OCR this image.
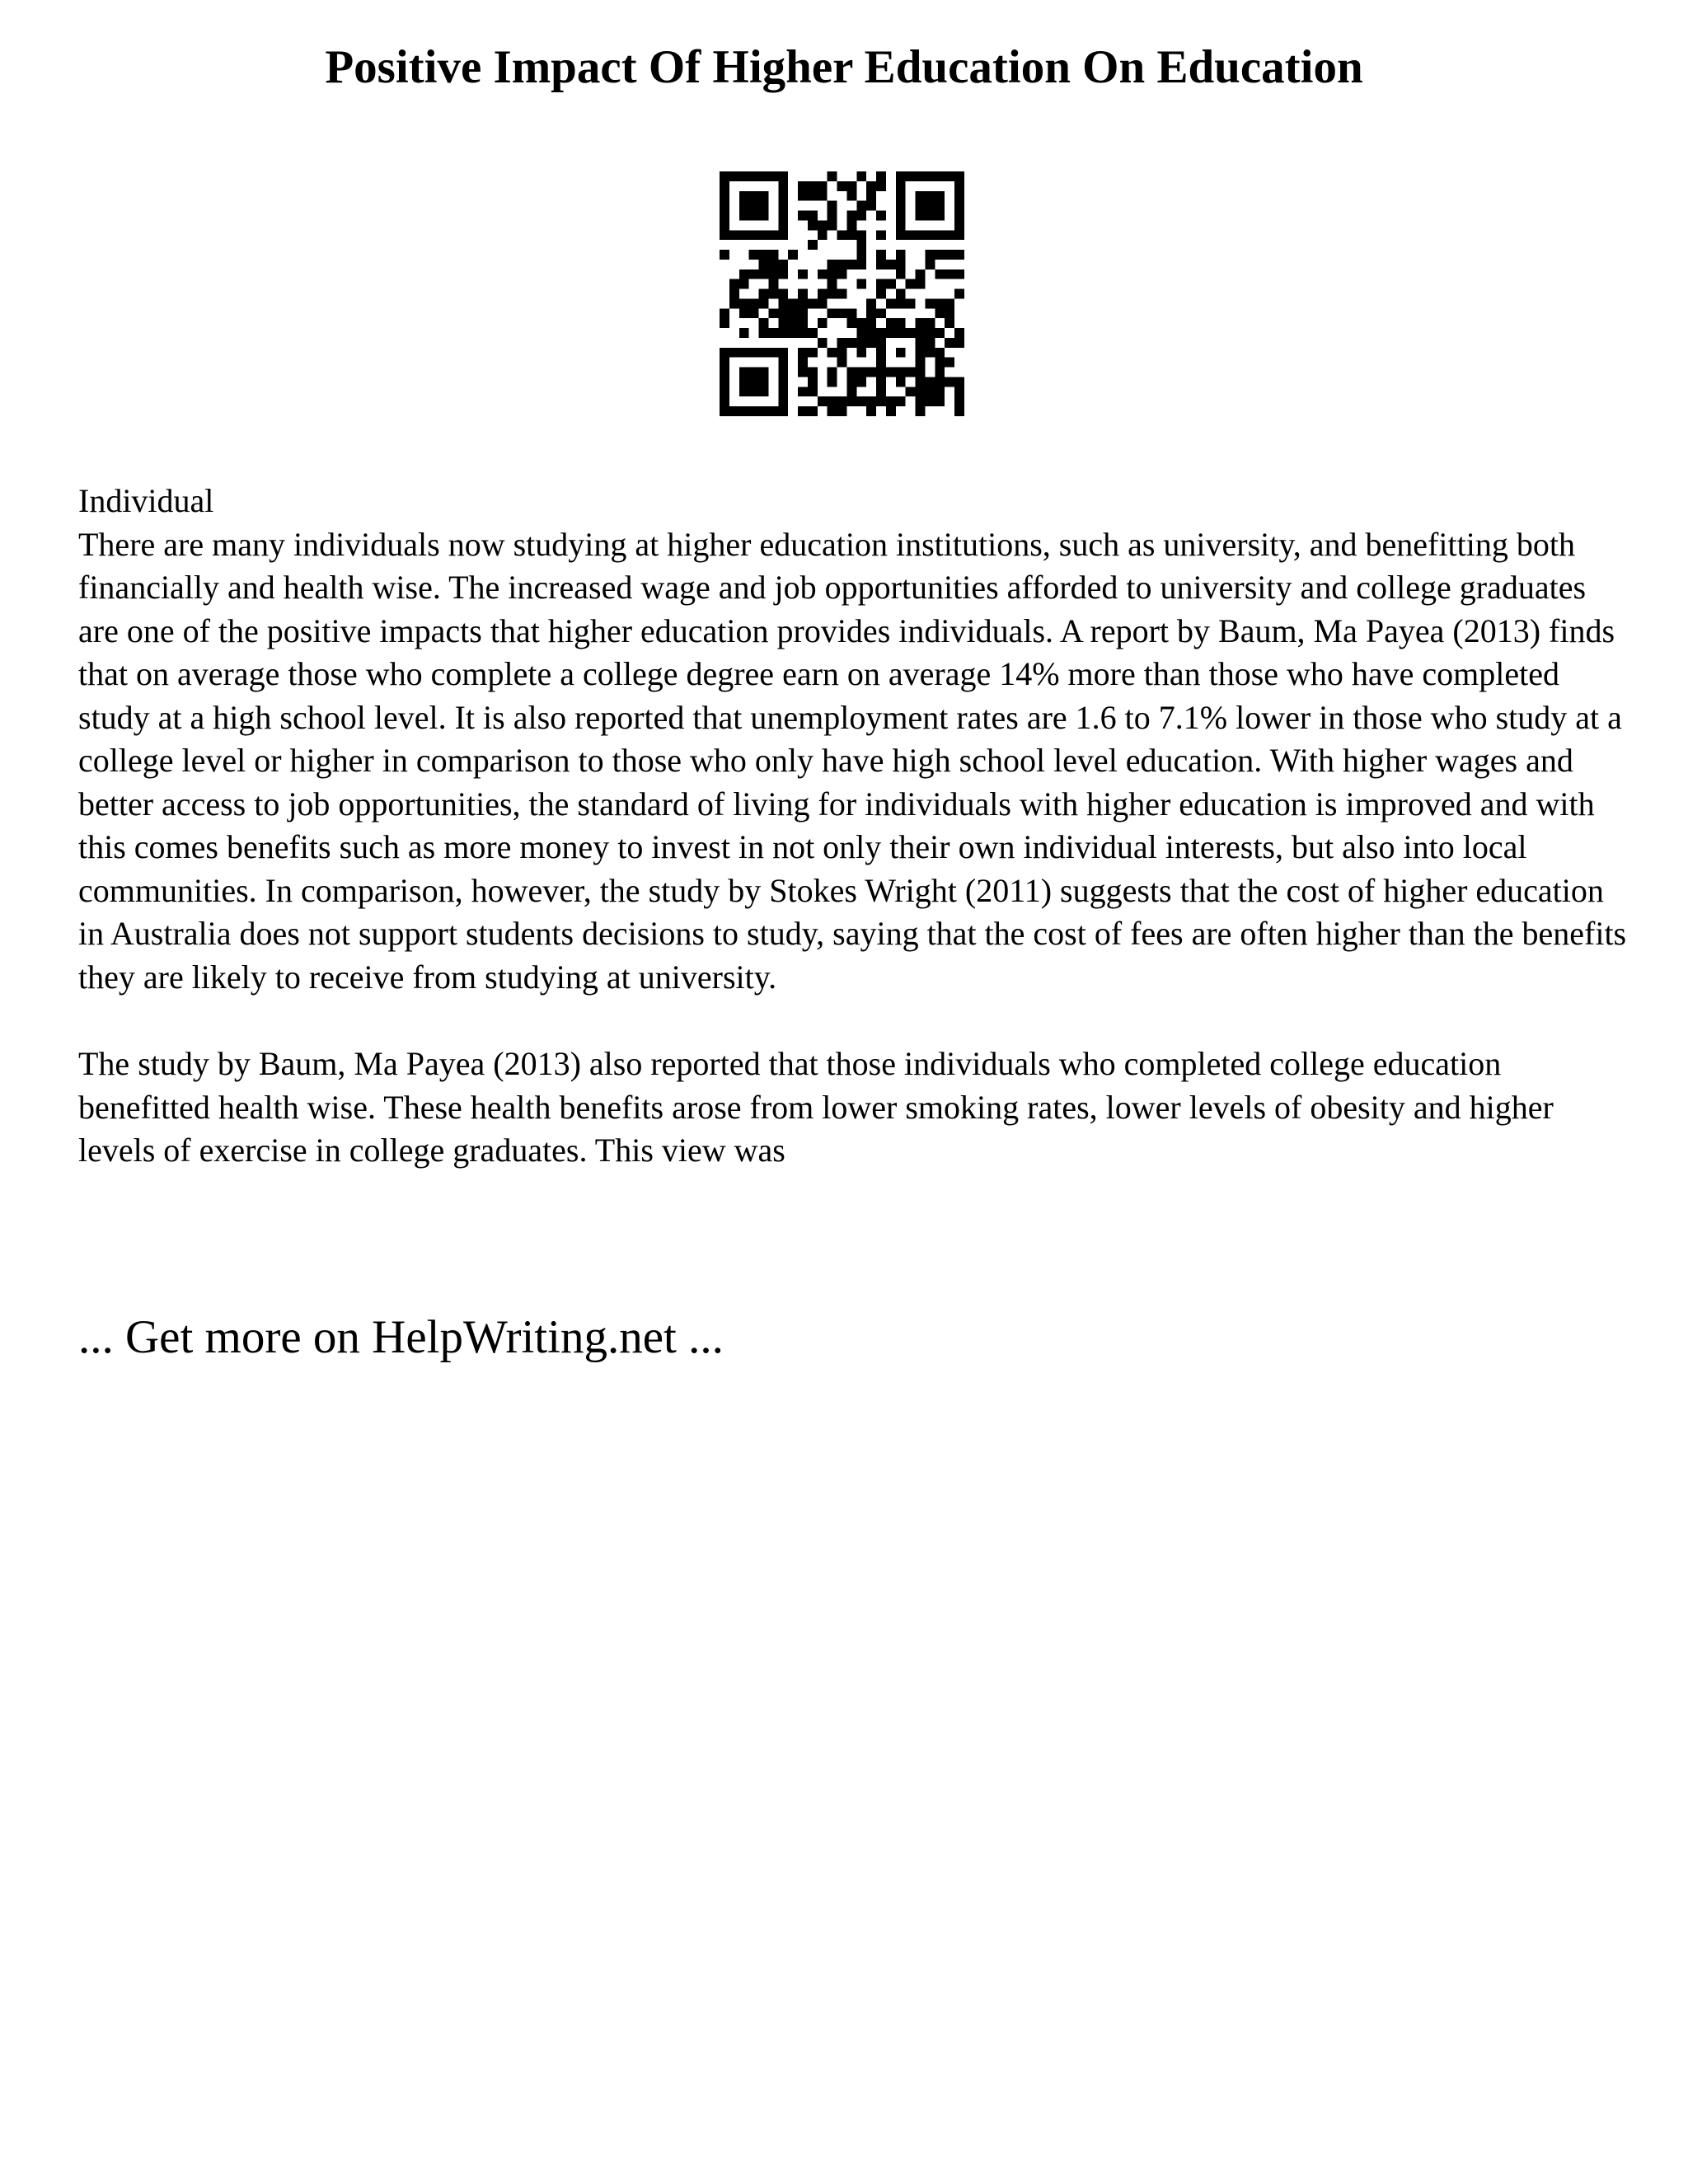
Positive Impact Of Higher Education On Education

Individual

There are many individuals now studying at higher education institutions, such as university, and benefitting both financially and health wise. The increased wage and job opportunities afforded to university and college graduates are one of the positive impacts that higher education provides individuals. A report by Baum, Ma Payea (2013) finds that on average those who complete a college degree earn on average 14% more than those who have completed study at a high school level. It is also reported that unemployment rates are 1.6 to 7.1% lower in those who study at a college level or higher in comparison to those who only have high school level education. With higher wages and better access to job opportunities, the standard of living for individuals with higher education is improved and with this comes benefits such as more money to invest in not only their own individual interests, but also into local communities. In comparison, however, the study by Stokes Wright (2011) suggests that the cost of higher education in Australia does not support students decisions to study, saying that the cost of fees are often higher than the benefits they are likely to receive from studying at university.

The study by Baum, Ma Payea (2013) also reported that those individuals who completed college education benefitted health wise. These health benefits arose from lower smoking rates, lower levels of obesity and higher levels of exercise in college graduates. This view was

... Get more on HelpWriting.net ...
